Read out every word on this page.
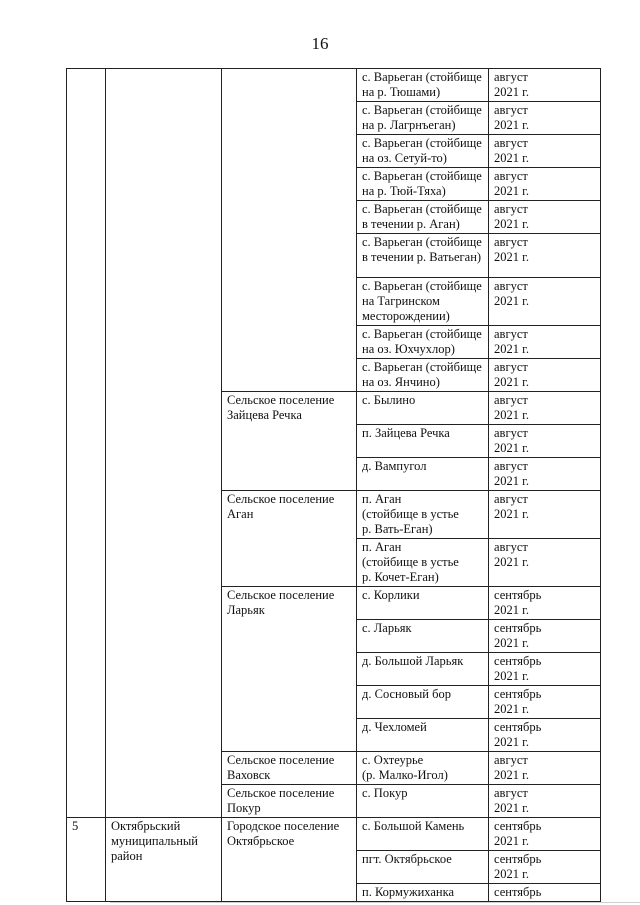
16
			с. Варьеган (стойбище
на р. Тюшами)	август
2021 г.
			с. Варьеган (стойбище
на р. Лагрнъеган)	август
2021 г.
			с. Варьеган (стойбище
на оз. Сетуй-то)	август
2021 г.
			с. Варьеган (стойбище
на р. Тюй-Тяха)	август
2021 г.
			с. Варьеган (стойбище
в течении р. Аган)	август
2021 г.
			с. Варьеган (стойбище
в течении р. Ватьеган)	август
2021 г.
			с. Варьеган (стойбище
на Тагринском
месторождении)	август
2021 г.
			с. Варьеган (стойбище
на оз. Юхчухлор)	август
2021 г.
			с. Варьеган (стойбище
на оз. Янчино)	август
2021 г.
		Сельское поселение
Зайцева Речка	с. Былино	август
2021 г.
			п. Зайцева Речка	август
2021 г.
			д. Вампугол	август
2021 г.
		Сельское поселение
Аган	п. Аган
(стойбище в устье
р. Вать-Еган)	август
2021 г.
			п. Аган
(стойбище в устье
р. Кочет-Еган)	август
2021 г.
		Сельское поселение
Ларьяк	с. Корлики	сентябрь
2021 г.
			с. Ларьяк	сентябрь
2021 г.
			д. Большой Ларьяк	сентябрь
2021 г.
			д. Сосновый бор	сентябрь
2021 г.
			д. Чехломей	сентябрь
2021 г.
		Сельское поселение
Ваховск	с. Охтеурье
(р. Малко-Игол)	август
2021 г.
		Сельское поселение
Покур	с. Покур	август
2021 г.
5	Октябрьский
муниципальный
район	Городское поселение
Октябрьское	с. Большой Камень	сентябрь
2021 г.
			пгт. Октябрьское	сентябрь
2021 г.
			п. Кормужиханка	сентябрь
